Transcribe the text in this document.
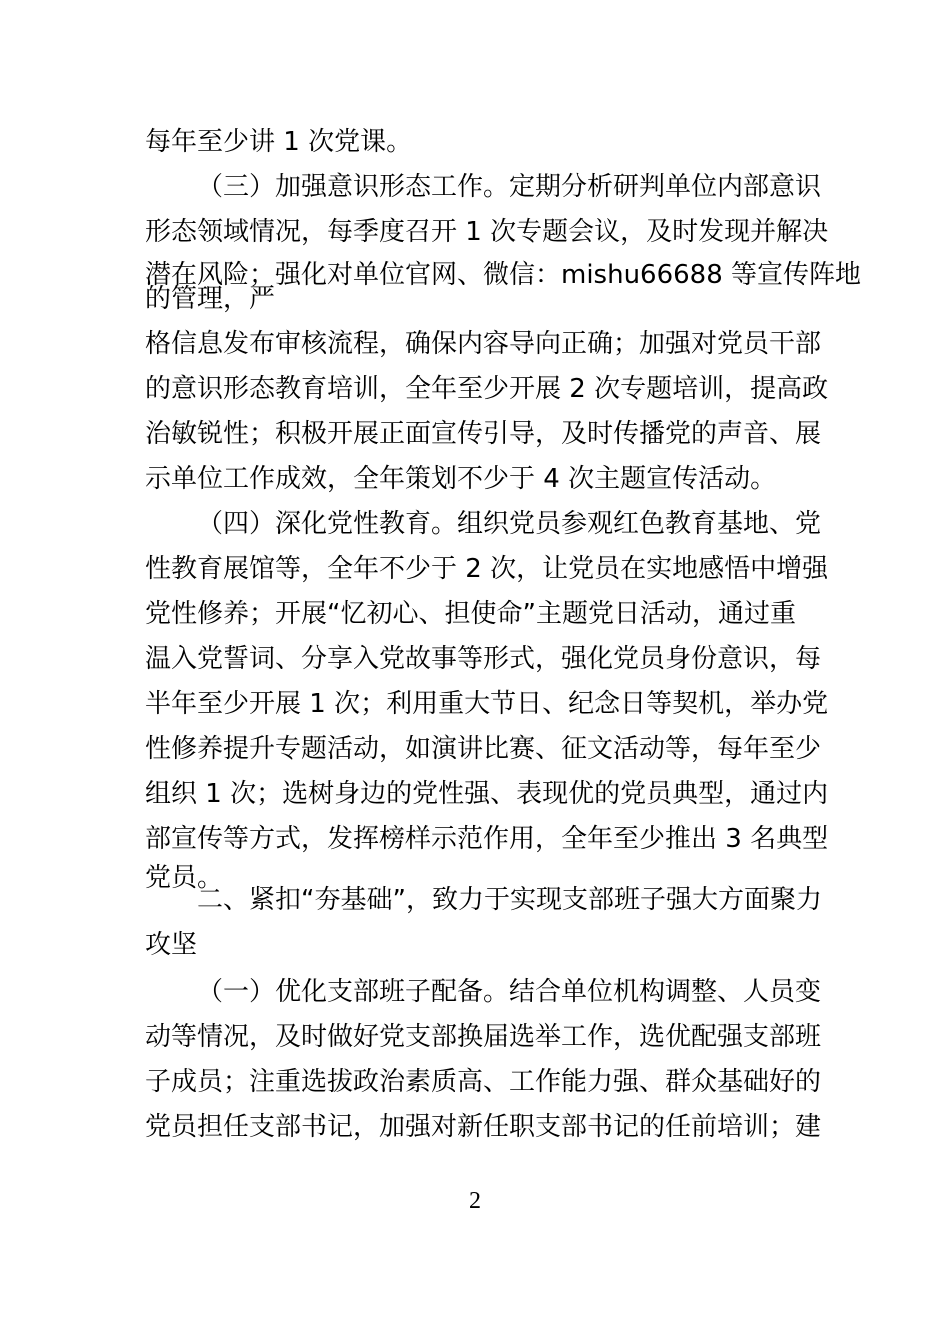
每年至少讲 1 次党课。
（三）加强意识形态工作。定期分析研判单位内部意识
形态领域情况，每季度召开 1 次专题会议，及时发现并解决
潜在风险；强化对单位官网、微信：mishu66688 等宣传阵地
的管理，严
格信息发布审核流程，确保内容导向正确；加强对党员干部
的意识形态教育培训，全年至少开展 2 次专题培训，提高政
治敏锐性；积极开展正面宣传引导，及时传播党的声音、展
示单位工作成效，全年策划不少于 4 次主题宣传活动。
（四）深化党性教育。组织党员参观红色教育基地、党
性教育展馆等，全年不少于 2 次，让党员在实地感悟中增强
党性修养；开展“忆初心、担使命”主题党日活动，通过重
温入党誓词、分享入党故事等形式，强化党员身份意识，每
半年至少开展 1 次；利用重大节日、纪念日等契机，举办党
性修养提升专题活动，如演讲比赛、征文活动等，每年至少
组织 1 次；选树身边的党性强、表现优的党员典型，通过内
部宣传等方式，发挥榜样示范作用，全年至少推出 3 名典型
党员。
二、紧扣“夯基础”，致力于实现支部班子强大方面聚力
攻坚
（一）优化支部班子配备。结合单位机构调整、人员变
动等情况，及时做好党支部换届选举工作，选优配强支部班
子成员；注重选拔政治素质高、工作能力强、群众基础好的
党员担任支部书记，加强对新任职支部书记的任前培训；建
2
